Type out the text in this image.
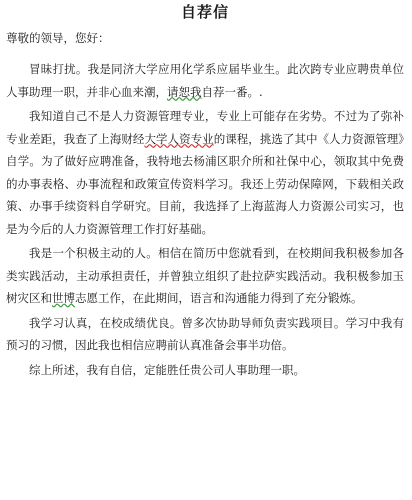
自荐信
尊敬的领导，您好：
冒昧打扰。我是同济大学应用化学系应届毕业生。此次跨专业应聘贵单位人事助理一职，并非心血来潮，请恕我自荐一番。.
我知道自己不是人力资源管理专业，专业上可能存在劣势。不过为了弥补专业差距，我查了上海财经大学人资专业的课程，挑选了其中《人力资源管理》自学。为了做好应聘准备，我特地去杨浦区职介所和社保中心，领取其中免费的办事表格、办事流程和政策宣传资料学习。我还上劳动保障网，下载相关政策、办事手续资料自学研究。目前，我选择了上海蓝海人力资源公司实习，也是为今后的人力资源管理工作打好基础。
我是一个积极主动的人。相信在简历中您就看到，在校期间我积极参加各类实践活动，主动承担责任，并曾独立组织了赴拉萨实践活动。我积极参加玉树灾区和世博志愿工作，在此期间，语言和沟通能力得到了充分锻炼。
我学习认真，在校成绩优良。曾多次协助导师负责实践项目。学习中我有预习的习惯，因此我也相信应聘前认真准备会事半功倍。
综上所述，我有自信，定能胜任贵公司人事助理一职。
